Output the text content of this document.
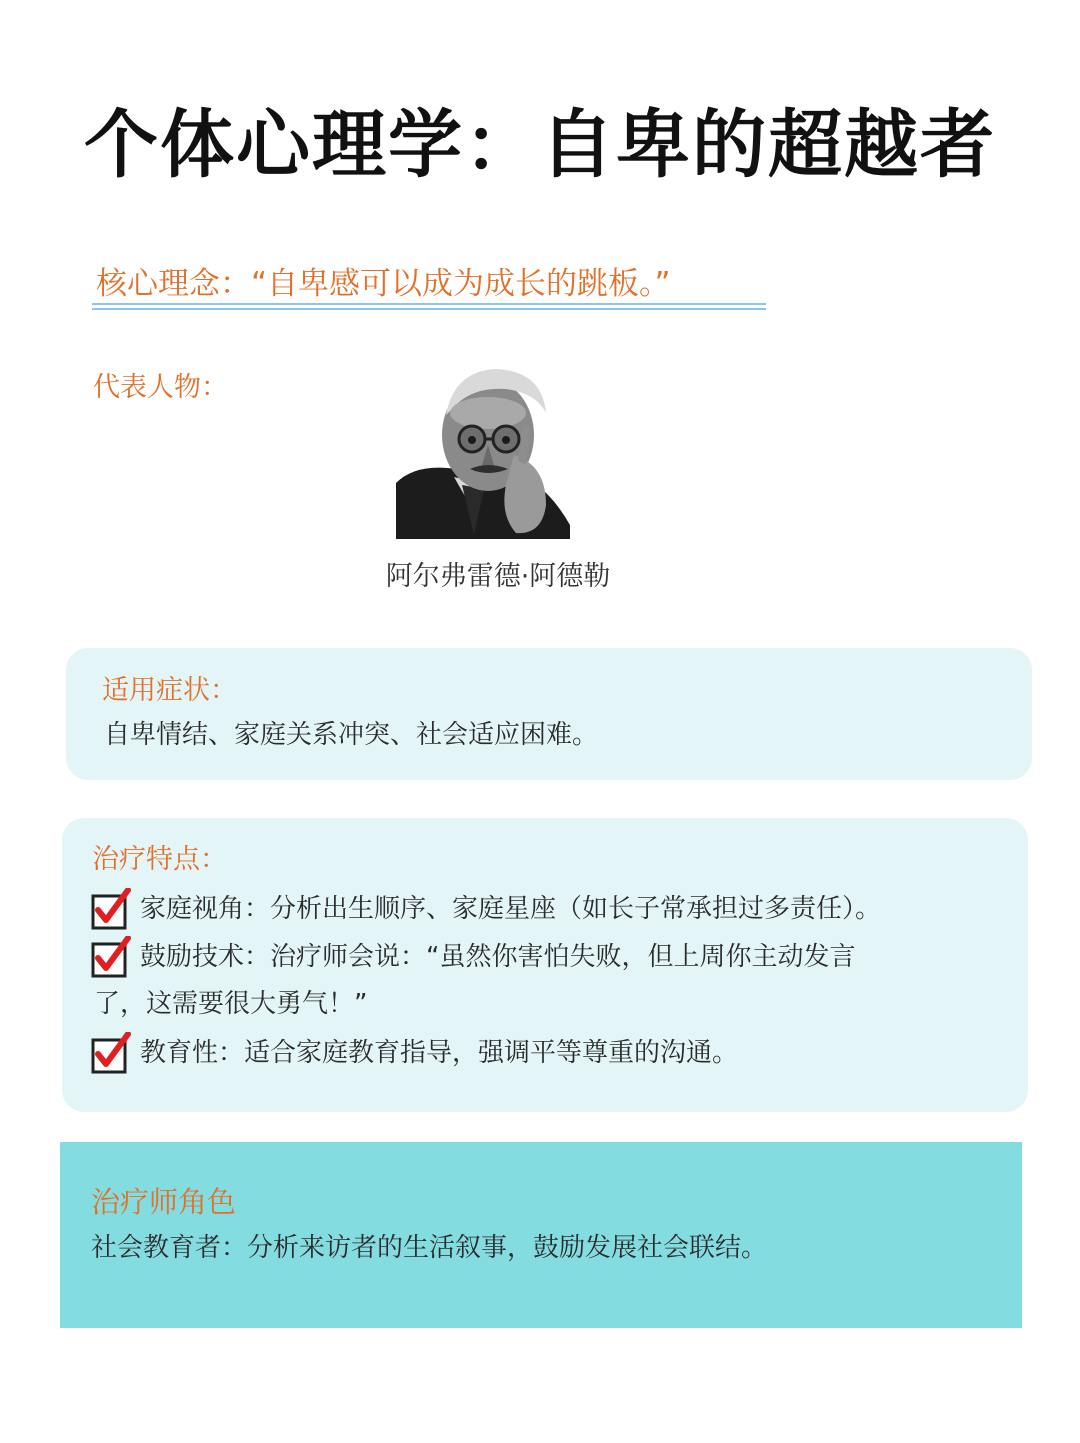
个体心理学：自卑的超越者
核心理念：“自卑感可以成为成长的跳板。”
代表人物：
阿尔弗雷德·阿德勒
适用症状：
自卑情结、家庭关系冲突、社会适应困难。
治疗特点：
家庭视角：分析出生顺序、家庭星座（如长子常承担过多责任）。
鼓励技术：治疗师会说：“虽然你害怕失败，但上周你主动发言
了，这需要很大勇气！”
教育性：适合家庭教育指导，强调平等尊重的沟通。
治疗师角色
社会教育者：分析来访者的生活叙事，鼓励发展社会联结。
